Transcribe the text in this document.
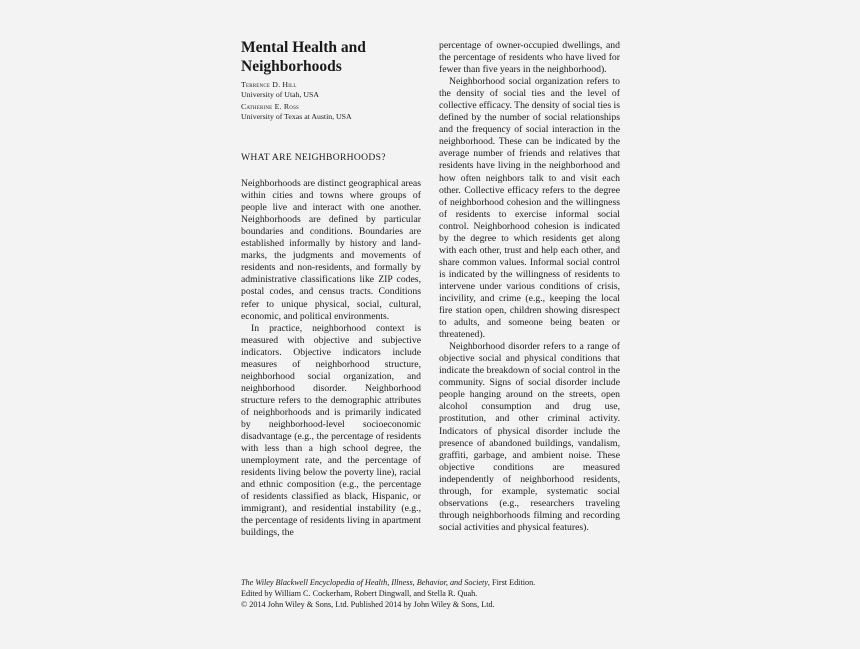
Mental Health and
Neighborhoods

Terrence D. Hill

University of Utah, USA

Catherine E. Ross

University of Texas at Austin, USA

WHAT ARE NEIGHBORHOODS?

Neighborhoods are distinct geographical areas within cities and towns where groups of people live and interact with one another. Neighborhoods are defined by particular boundaries and conditions. Boundaries are established informally by history and land-marks, the judgments and movements of residents and non-residents, and formally by administrative classifications like ZIP codes, postal codes, and census tracts. Conditions refer to unique physical, social, cultural, economic, and political environments.

In practice, neighborhood context is measured with objective and subjective indicators. Objective indicators include measures of neighborhood structure, neighborhood social organization, and neighborhood disorder. Neighborhood structure refers to the demographic attributes of neighborhoods and is primarily indicated by neighborhood-level socioeconomic disadvantage (e.g., the percentage of residents with less than a high school degree, the unemployment rate, and the percentage of residents living below the poverty line), racial and ethnic composition (e.g., the percentage of residents classified as black, Hispanic, or immigrant), and residential instability (e.g., the percentage of residents living in apartment buildings, the

percentage of owner-occupied dwellings, and the percentage of residents who have lived for fewer than five years in the neighborhood).

Neighborhood social organization refers to the density of social ties and the level of collective efficacy. The density of social ties is defined by the number of social relationships and the frequency of social interaction in the neighborhood. These can be indicated by the average number of friends and relatives that residents have living in the neighborhood and how often neighbors talk to and visit each other. Collective efficacy refers to the degree of neighborhood cohesion and the willingness of residents to exercise informal social control. Neighborhood cohesion is indicated by the degree to which residents get along with each other, trust and help each other, and share common values. Informal social control is indicated by the willingness of residents to intervene under various conditions of crisis, incivility, and crime (e.g., keeping the local fire station open, children showing disrespect to adults, and someone being beaten or threatened).

Neighborhood disorder refers to a range of objective social and physical conditions that indicate the breakdown of social control in the community. Signs of social disorder include people hanging around on the streets, open alcohol consumption and drug use, prostitution, and other criminal activity. Indicators of physical disorder include the presence of abandoned buildings, vandalism, graffiti, garbage, and ambient noise. These objective conditions are measured independently of neighborhood residents, through, for example, systematic social observations (e.g., researchers traveling through neighborhoods filming and recording social activities and physical features).

The Wiley Blackwell Encyclopedia of Health, Illness, Behavior, and Society, First Edition.
Edited by William C. Cockerham, Robert Dingwall, and Stella R. Quah.
© 2014 John Wiley & Sons, Ltd. Published 2014 by John Wiley & Sons, Ltd.
